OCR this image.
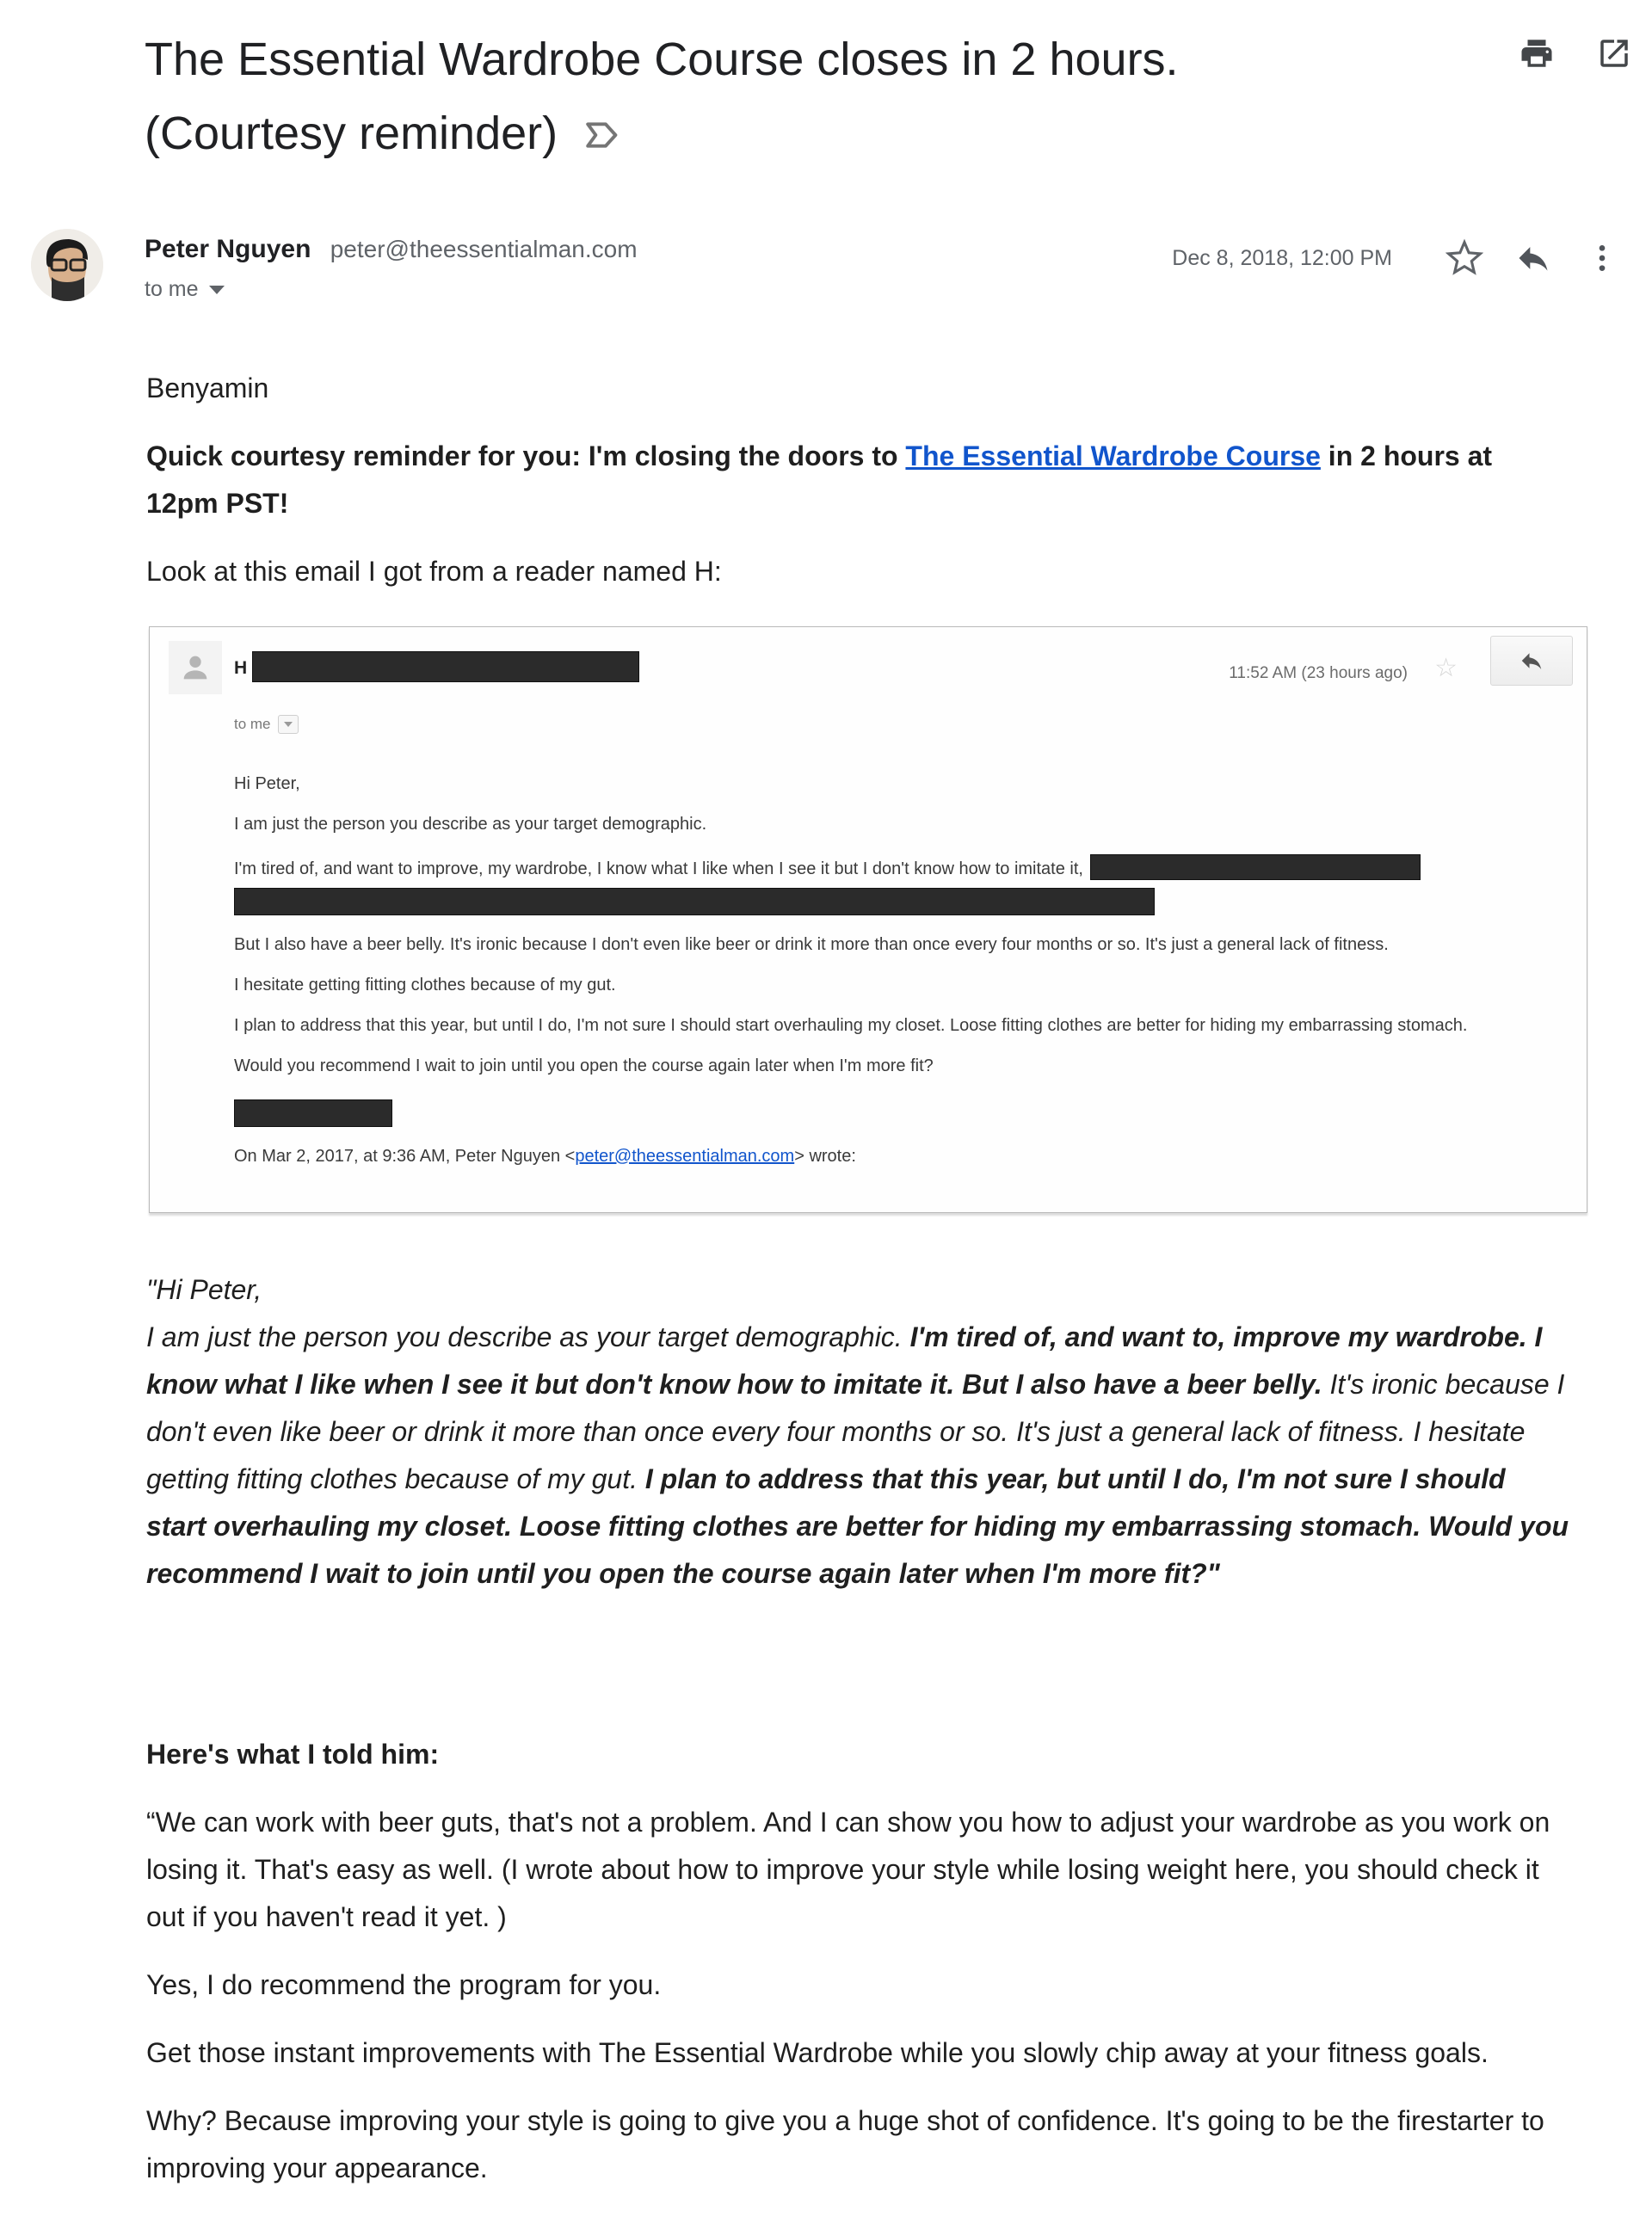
The Essential Wardrobe Course closes in 2 hours.
(Courtesy reminder)
Peter Nguyen peter@theessentialman.com
to me
Dec 8, 2018, 12:00 PM

Benyamin

Quick courtesy reminder for you: I'm closing the doors to The Essential Wardrobe Course in 2 hours at 12pm PST!

Look at this email I got from a reader named H:

H
to me
11:52 AM (23 hours ago) ☆

Hi Peter,

I am just the person you describe as your target demographic.

I'm tired of, and want to improve, my wardrobe, I know what I like when I see it but I don't know how to imitate it,

But I also have a beer belly. It's ironic because I don't even like beer or drink it more than once every four months or so. It's just a general lack of fitness.

I hesitate getting fitting clothes because of my gut.

I plan to address that this year, but until I do, I'm not sure I should start overhauling my closet. Loose fitting clothes are better for hiding my embarrassing stomach.

Would you recommend I wait to join until you open the course again later when I'm more fit?

On Mar 2, 2017, at 9:36 AM, Peter Nguyen <peter@theessentialman.com> wrote:

"Hi Peter,
I am just the person you describe as your target demographic. I'm tired of, and want to, improve my wardrobe. I know what I like when I see it but don't know how to imitate it. But I also have a beer belly. It's ironic because I don't even like beer or drink it more than once every four months or so. It's just a general lack of fitness. I hesitate getting fitting clothes because of my gut. I plan to address that this year, but until I do, I'm not sure I should start overhauling my closet. Loose fitting clothes are better for hiding my embarrassing stomach. Would you recommend I wait to join until you open the course again later when I'm more fit?"

Here's what I told him:

“We can work with beer guts, that's not a problem. And I can show you how to adjust your wardrobe as you work on losing it. That's easy as well. (I wrote about how to improve your style while losing weight here, you should check it out if you haven't read it yet. )

Yes, I do recommend the program for you.

Get those instant improvements with The Essential Wardrobe while you slowly chip away at your fitness goals.

Why? Because improving your style is going to give you a huge shot of confidence. It's going to be the firestarter to improving your appearance.
